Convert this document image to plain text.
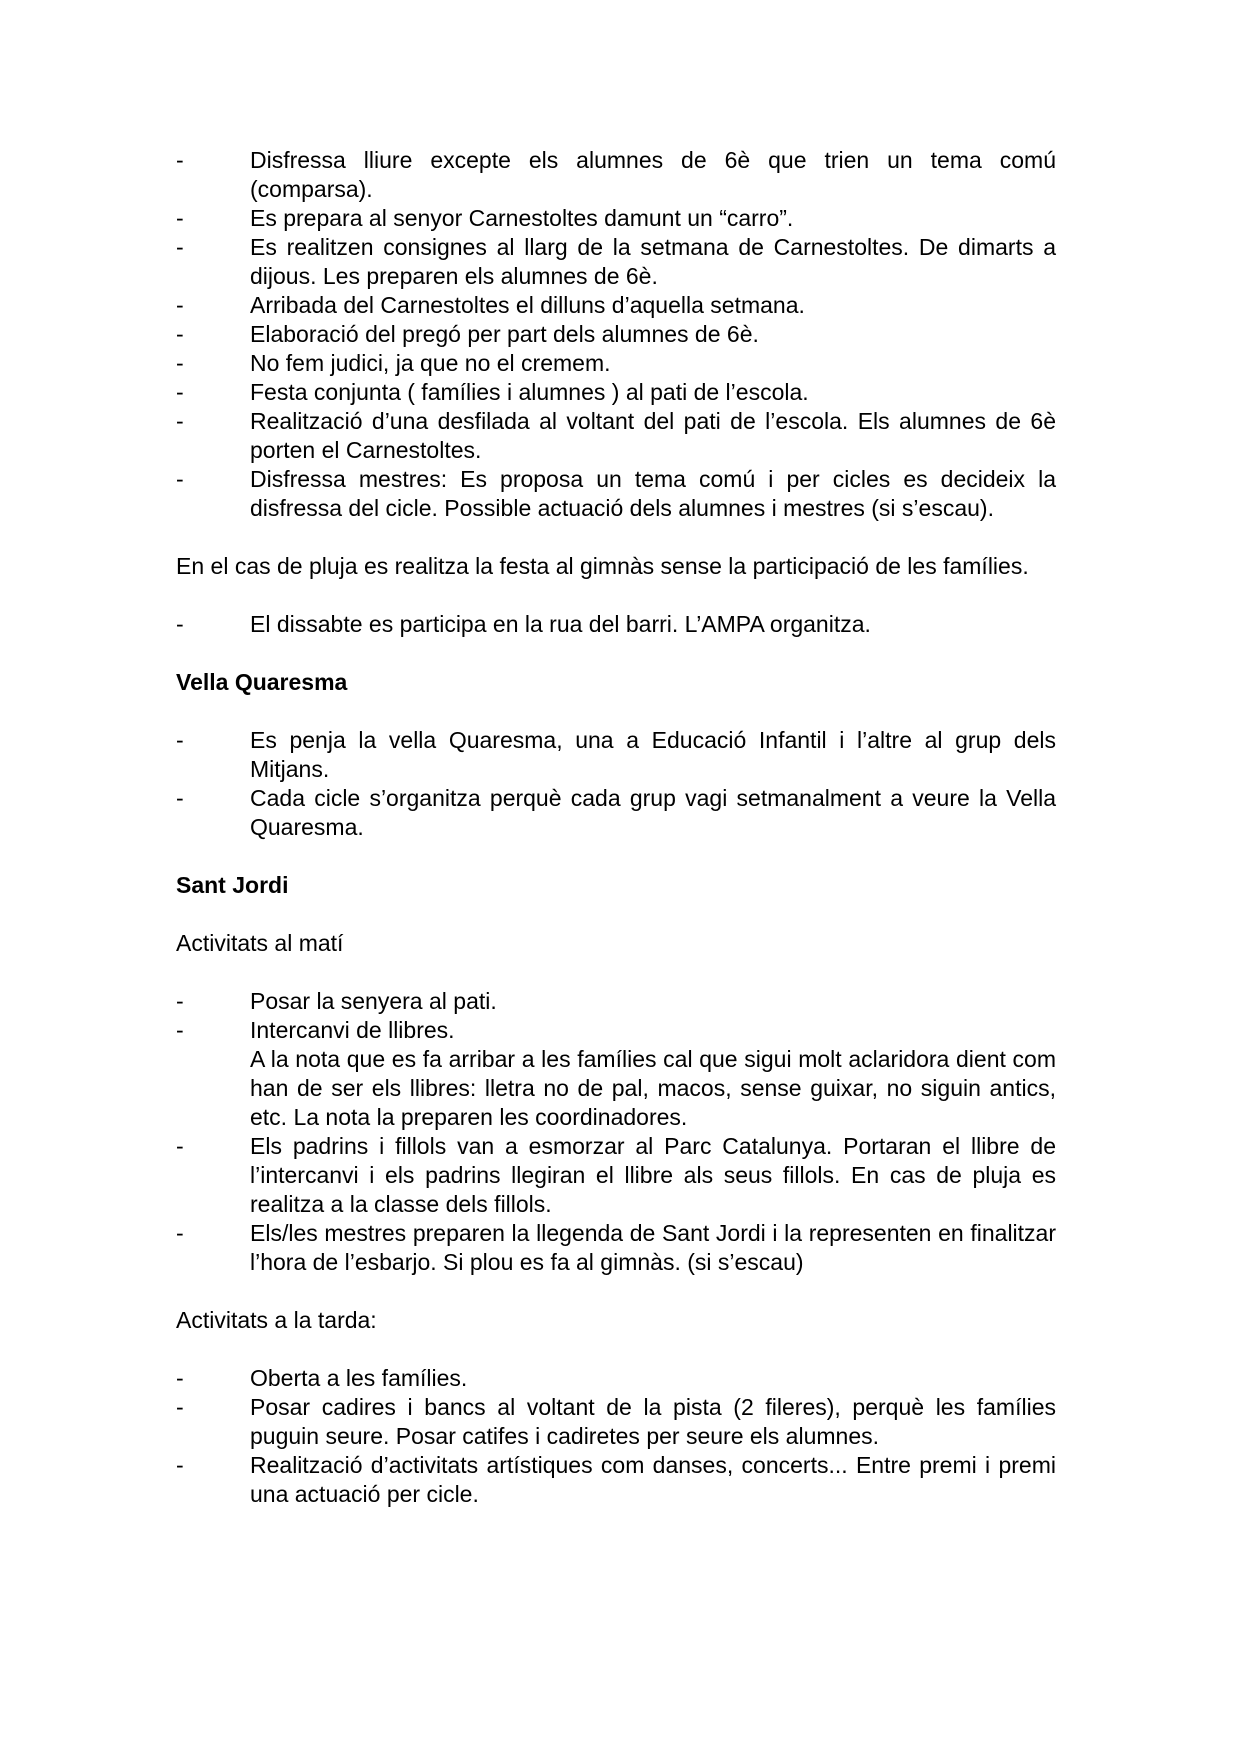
-	Disfressa lliure excepte els alumnes de 6è que trien un tema comú (comparsa).
-	Es prepara al senyor Carnestoltes damunt un “carro”.
-	Es realitzen consignes al llarg de la setmana de Carnestoltes. De dimarts a dijous. Les preparen els alumnes de 6è.
-	Arribada del Carnestoltes el dilluns d’aquella setmana.
-	Elaboració del pregó per part dels alumnes de 6è.
-	No fem judici, ja que no el cremem.
-	Festa conjunta ( famílies i alumnes ) al pati de l’escola.
-	Realització d’una desfilada al voltant del pati de l’escola. Els alumnes de 6è porten el Carnestoltes.
-	Disfressa mestres: Es proposa un tema comú i per cicles es decideix la disfressa del cicle. Possible actuació dels alumnes i mestres (si s’escau).

En el cas de pluja es realitza la festa al gimnàs sense la participació de les famílies.

-	El dissabte es participa en la rua del barri. L’AMPA organitza.
Vella Quaresma
-	Es penja la vella Quaresma, una a Educació Infantil i l’altre al grup dels Mitjans.
-	Cada cicle s’organitza perquè cada grup vagi setmanalment a veure la Vella Quaresma.
Sant Jordi

Activitats al matí

-	Posar la senyera al pati.
-	Intercanvi de llibres.
A la nota que es fa arribar a les famílies cal que sigui molt aclaridora dient com han de ser els llibres: lletra no de pal, macos, sense guixar, no siguin antics, etc. La nota la preparen les coordinadores.
-	Els padrins i fillols van a esmorzar al Parc Catalunya. Portaran el llibre de l’intercanvi i els padrins llegiran el llibre als seus fillols. En cas de pluja es realitza a la classe dels fillols.
-	Els/les mestres preparen la llegenda de Sant Jordi i la representen en finalitzar l’hora de l’esbarjo. Si plou es fa al gimnàs. (si s’escau)

Activitats a la tarda:

-	Oberta a les famílies.
-	Posar cadires i bancs al voltant de la pista (2 fileres), perquè les famílies puguin seure. Posar catifes i cadiretes per seure els alumnes.
-	Realització d’activitats artístiques com danses, concerts... Entre premi i premi una actuació per cicle.
